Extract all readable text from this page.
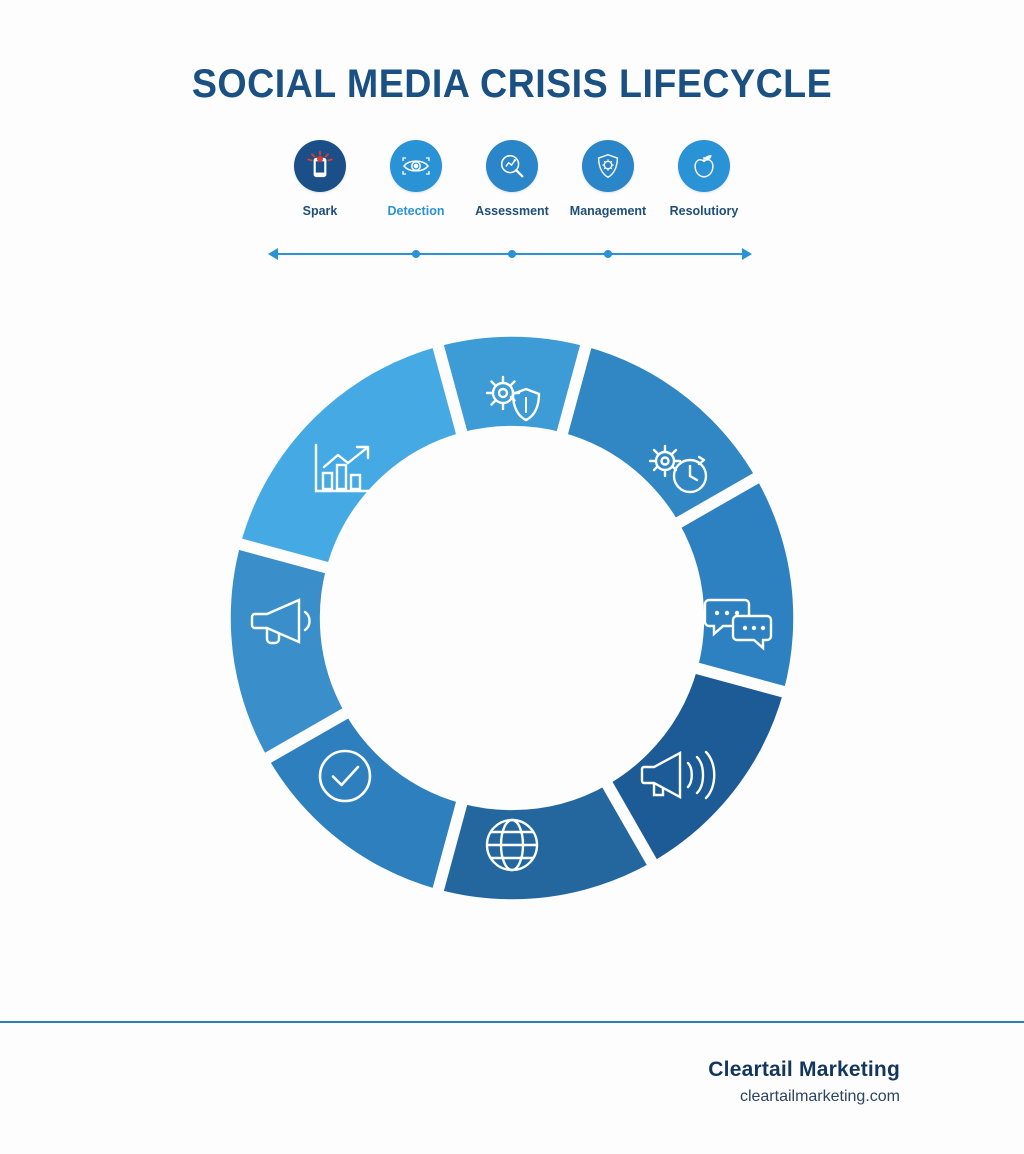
SOCIAL MEDIA CRISIS LIFECYCLE
Spark	Detection	Assessment	Management	Resolutiory
Cleartail Marketing
cleartailmarketing.com
